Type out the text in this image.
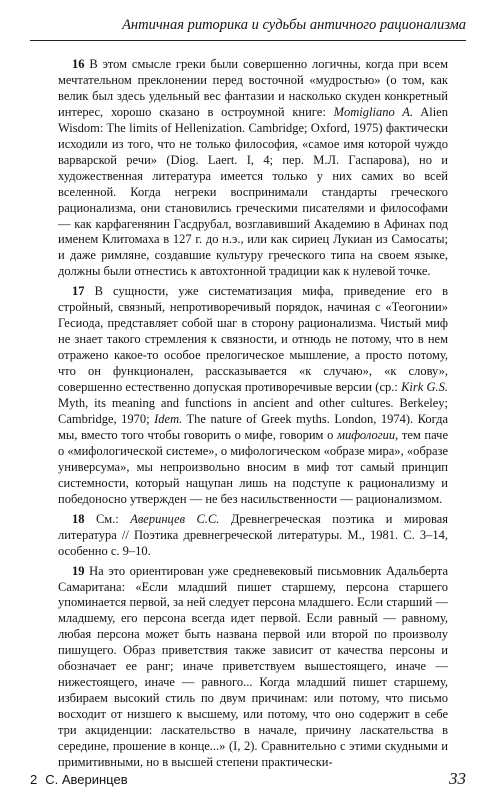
Античная риторика и судьбы античного рационализма

16 В этом смысле греки были совершенно логичны, когда при всем мечтательном преклонении перед восточной «мудростью» (о том, как велик был здесь удельный вес фантазии и насколько скуден конкретный интерес, хорошо сказано в остроумной книге: Momigliano A. Alien Wisdom: The limits of Hellenization. Cambridge; Oxford, 1975) фактически исходили из того, что не только философия, «самое имя которой чуждо варварской речи» (Diog. Laert. I, 4; пер. М.Л. Гаспарова), но и художественная литература имеется только у них самих во всей вселенной. Когда негреки воспринимали стандарты греческого рационализма, они становились греческими писателями и философами — как карфагенянин Гасдрубал, возглавивший Академию в Афинах под именем Клитомаха в 127 г. до н.э., или как сириец Лукиан из Самосаты; и даже римляне, создавшие культуру греческого типа на своем языке, должны были отнестись к автохтонной традиции как к нулевой точке.

17 В сущности, уже систематизация мифа, приведение его в стройный, связный, непротиворечивый порядок, начиная с «Теогонии» Гесиода, представляет собой шаг в сторону рационализма. Чистый миф не знает такого стремления к связности, и отнюдь не потому, что в нем отражено какое-то особое прелогическое мышление, а просто потому, что он функционален, рассказывается «к случаю», «к слову», совершенно естественно допуская противоречивые версии (ср.: Kirk G.S. Myth, its meaning and functions in ancient and other cultures. Berkeley; Cambridge, 1970; Idem. The nature of Greek myths. London, 1974). Когда мы, вместо того чтобы говорить о мифе, говорим о мифологии, тем паче о «мифологической системе», о мифологическом «образе мира», «образе универсума», мы непроизвольно вносим в миф тот самый принцип системности, который нащупан лишь на подступе к рационализму и победоносно утвержден — не без насильственности — рационализмом.

18 См.: Аверинцев С.С. Древнегреческая поэтика и мировая литература // Поэтика древнегреческой литературы. М., 1981. С. 3–14, особенно с. 9–10.

19 На это ориентирован уже средневековый письмовник Адальберта Самаритана: «Если младший пишет старшему, персона старшего упоминается первой, за ней следует персона младшего. Если старший — младшему, его персона всегда идет первой. Если равный — равному, любая персона может быть названа первой или второй по произволу пишущего. Образ приветствия также зависит от качества персоны и обозначает ее ранг; иначе приветствуем вышестоящего, иначе — нижестоящего, иначе — равного... Когда младший пишет старшему, избираем высокий стиль по двум причинам: или потому, что письмо восходит от низшего к высшему, или потому, что оно содержит в себе три акциденции: ласкательство в начале, причину ласкательства в середине, прошение в конце...» (I, 2). Сравнительно с этими скудными и примитивными, но в высшей степени практически-

2 С. Аверинцев	33
